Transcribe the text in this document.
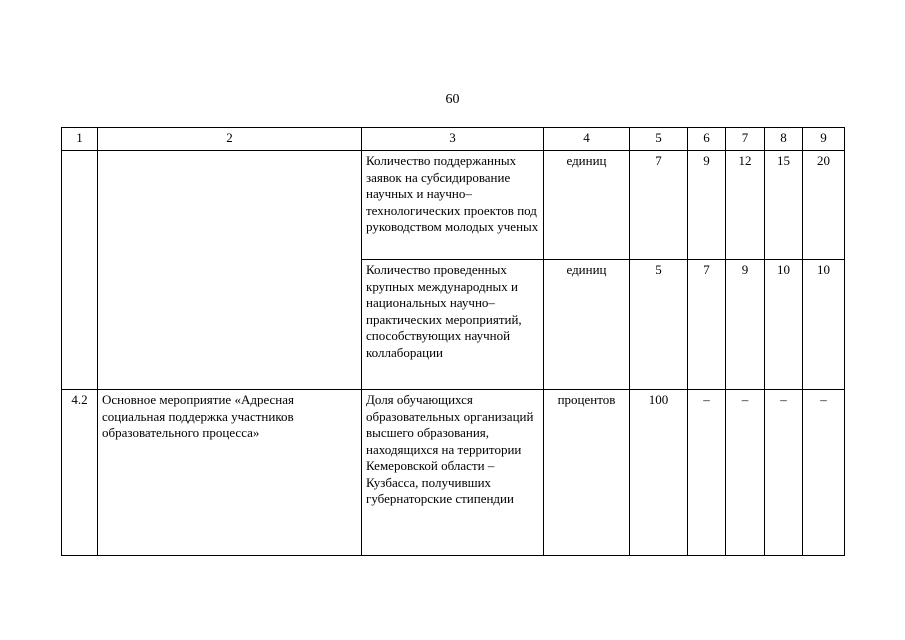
60
1	2	3	4	5	6	7	8	9
		Количество поддержанных заявок на субсидирование научных и научно–технологических проектов под руководством молодых ученых	единиц	7	9	12	15	20
		Количество проведенных крупных международных и национальных научно–практических мероприятий, способствующих научной коллаборации	единиц	5	7	9	10	10
4.2	Основное мероприятие «Адресная социальная поддержка участников образовательного процесса»	Доля обучающихся образовательных организаций высшего образования, находящихся на территории Кемеровской области – Кузбасса, получивших губернаторские стипендии	процентов	100	–	–	–	–
